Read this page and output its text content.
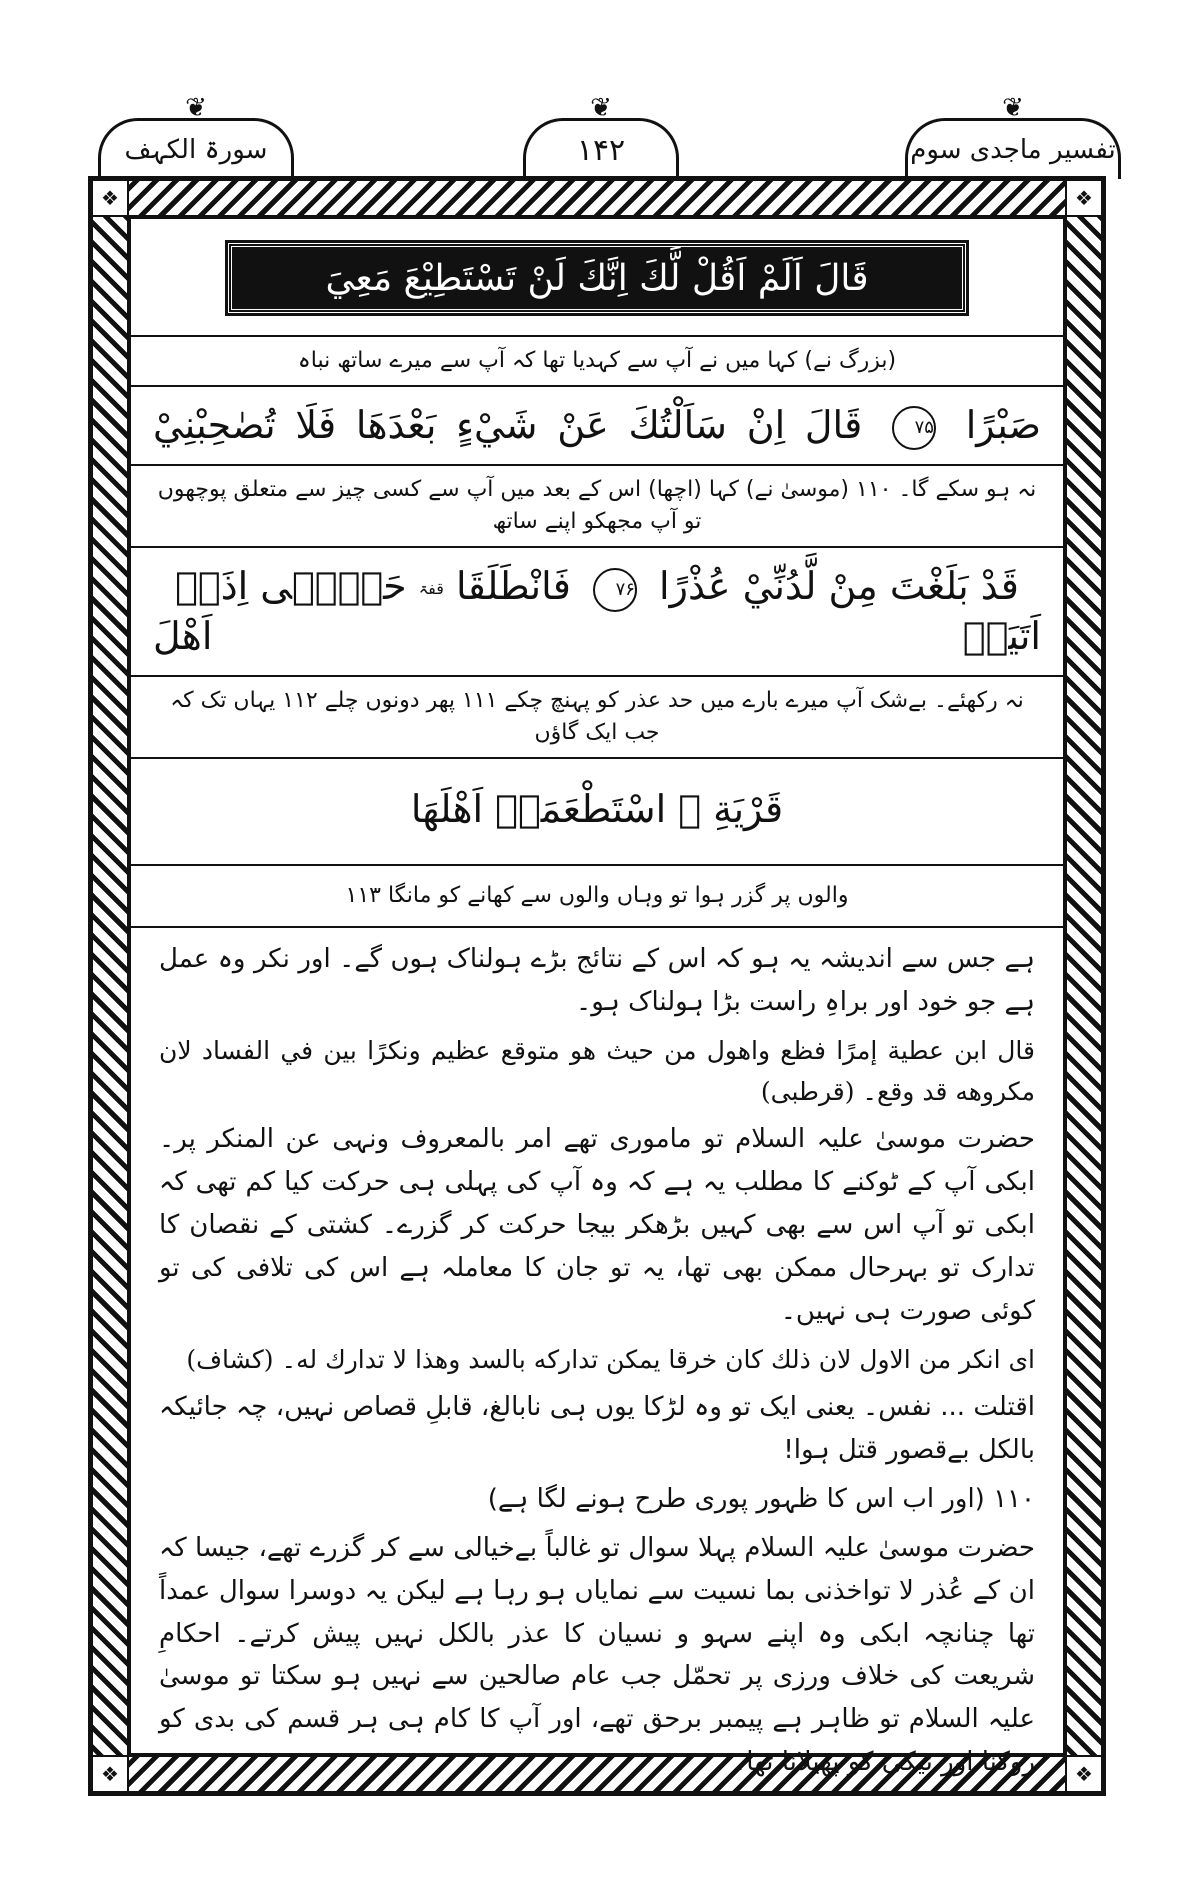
❦
سورۃ الکہف
❦
۱۴۲
❦
تفسیر ماجدی سوم
❖	❖
❖	❖
قَالَ اَلَمْ اَقُلْ لَّكَ اِنَّكَ لَنْ تَسْتَطِيْعَ مَعِيَ
(بزرگ نے) کہا میں نے آپ سے کہدیا تھا کہ آپ سے میرے ساتھ نباہ
صَبْرًا ۷۵ قَالَ اِنْ سَاَلْتُكَ عَنْ شَيْءٍ بَعْدَهَا فَلَا تُصٰحِبْنِيْ
نہ ہو سکے گا۔ ۱۱۰ (موسیٰ نے) کہا (اچھا) اس کے بعد میں آپ سے کسی چیز سے متعلق پوچھوں تو آپ مجھکو اپنے ساتھ
قَدْ بَلَغْتَ مِنْ لَّدُنِّيْ عُذْرًا ۷۶ فَانْطَلَقَا قفۃ حَتّٰۤى اِذَاۤ اَتَيَاۤ اَهْلَ
نہ رکھئے۔ بےشک آپ میرے بارے میں حد عذر کو پہنچ چکے ۱۱۱ پھر دونوں چلے ۱۱۲ یہاں تک کہ جب ایک گاؤں
قَرْيَةِ ۨ اسْتَطْعَمَاۤ اَهْلَهَا
والوں پر گزر ہوا تو وہاں والوں سے کھانے کو مانگا ۱۱۳

ہے جس سے اندیشہ یہ ہو کہ اس کے نتائج بڑے ہولناک ہوں گے۔ اور نکر وہ عمل ہے جو خود اور براہِ راست بڑا ہولناک ہو۔

قال ابن عطية إمرًا فظع واهول من حيث هو متوقع عظيم ونكرًا بين في الفساد لان مكروهه قد وقع۔ (قرطبی)

حضرت موسیٰ علیہ السلام تو ماموری تھے امر بالمعروف ونہی عن المنکر پر۔ ابکی آپ کے ٹوکنے کا مطلب یہ ہے کہ وہ آپ کی پہلی ہی حرکت کیا کم تھی کہ ابکی تو آپ اس سے بھی کہیں بڑھکر بیجا حرکت کر گزرے۔ کشتی کے نقصان کا تدارک تو بہرحال ممکن بھی تھا، یہ تو جان کا معاملہ ہے اس کی تلافی کی تو کوئی صورت ہی نہیں۔

اى انكر من الاول لان ذلك كان خرقا يمكن تداركه بالسد وهذا لا تدارك له۔ (كشاف)

اقتلت ... نفس۔ یعنی ایک تو وہ لڑکا یوں ہی نابالغ، قابلِ قصاص نہیں، چہ جائیکہ بالکل بےقصور قتل ہوا!

۱۱۰ (اور اب اس کا ظہور پوری طرح ہونے لگا ہے)

حضرت موسیٰ علیہ السلام پہلا سوال تو غالباً بےخیالی سے کر گزرے تھے، جیسا کہ ان کے عُذر لا تواخذنی بما نسیت سے نمایاں ہو رہا ہے لیکن یہ دوسرا سوال عمداً تھا چنانچہ ابکی وہ اپنے سہو و نسیان کا عذر بالکل نہیں پیش کرتے۔ احکامِ شریعت کی خلاف ورزی پر تحمّل جب عام صالحین سے نہیں ہو سکتا تو موسیٰ علیہ السلام تو ظاہر ہے پیمبر برحق تھے، اور آپ کا کام ہی ہر قسم کی بدی کو روکنا اور نیکی کو پھیلانا تھا۔
